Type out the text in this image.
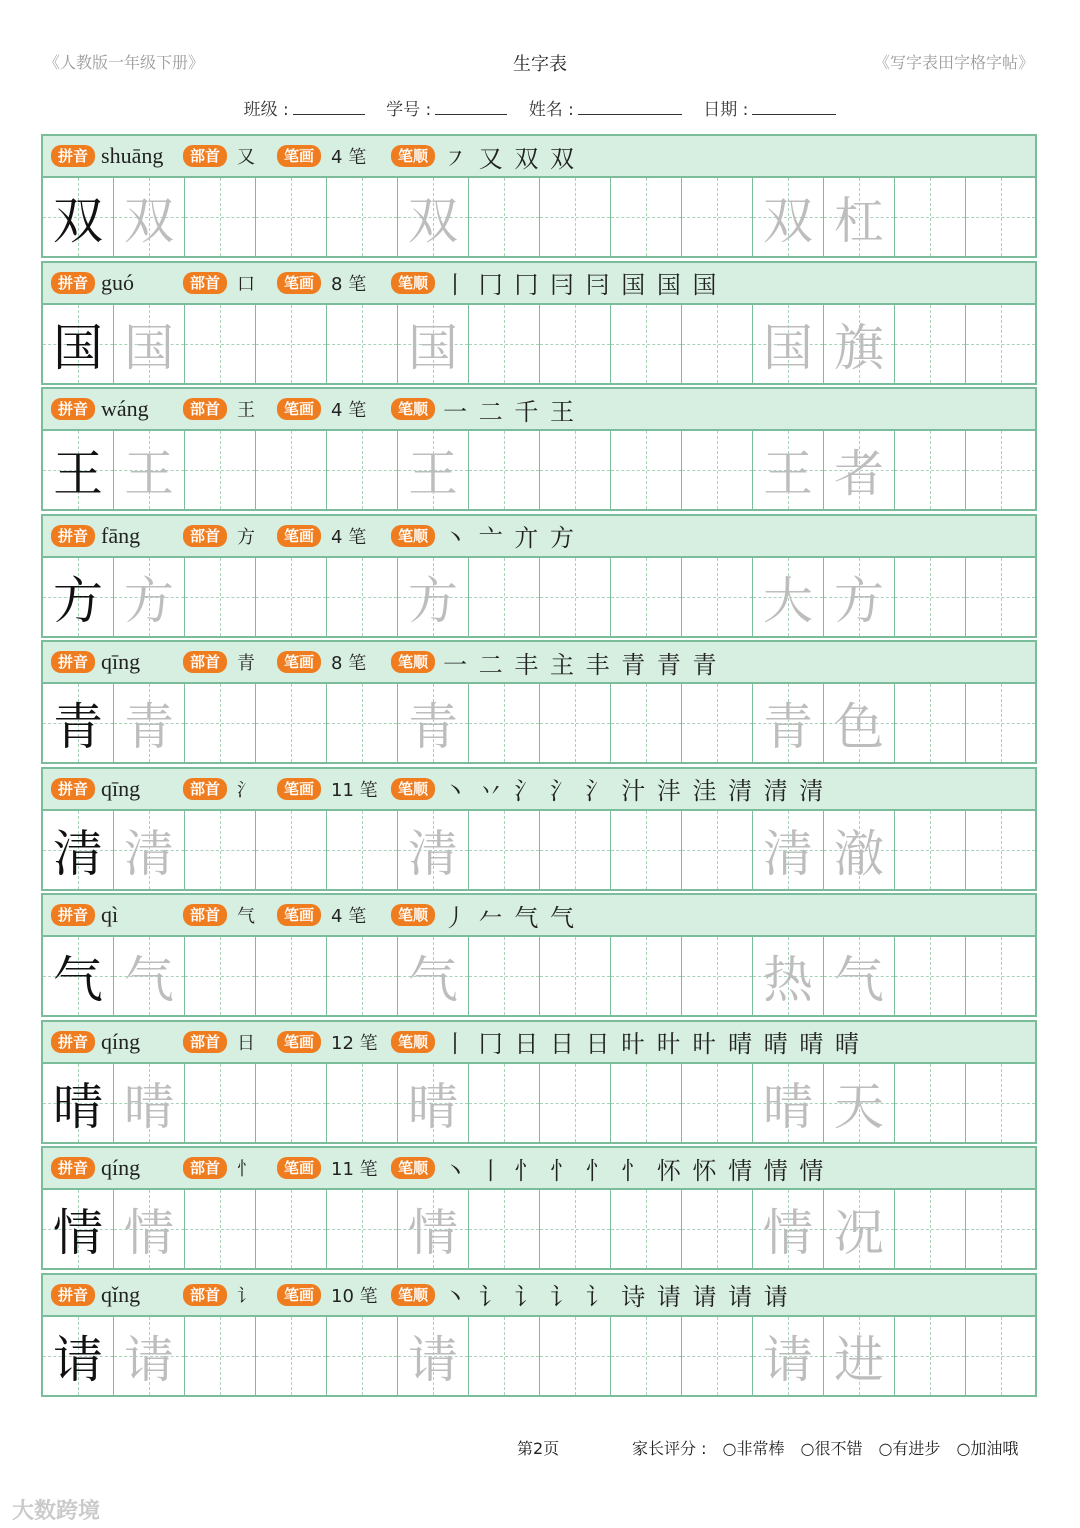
《人教版一年级下册》	生字表	《写字表田字格字帖》
班级 :	学号 :	姓名 :	日期 :
拼音 shuāng	部首 又	笔画 4 笔	笔顺 ㇇ 又 双 双
双 双	双	双 杠
拼音 guó	部首 口	笔画 8 笔	笔顺 丨 冂 冂 冃 冃 国 国 国
国 国	国	国 旗
拼音 wáng	部首 王	笔画 4 笔	笔顺 一 二 千 王
王 王	王	王 者
拼音 fāng	部首 方	笔画 4 笔	笔顺 丶 亠 亣 方
方 方	方	大 方
拼音 qīng	部首 青	笔画 8 笔	笔顺 一 二 丰 主 丰 青 青 青
青 青	青	青 色
拼音 qīng	部首 氵	笔画 11 笔	笔顺 丶 丷 氵 氵 氵 汁 沣 洼 清 清 清
清 清	清	清 澈
拼音 qì	部首 气	笔画 4 笔	笔顺 丿 𠂉 气 气
气 气	气	热 气
拼音 qíng	部首 日	笔画 12 笔	笔顺 丨 冂 日 日 日 旪 旪 旪 晴 晴 晴 晴
晴 晴	晴	晴 天
拼音 qíng	部首 忄	笔画 11 笔	笔顺 丶 丨 忄 忄 忄 忄 怀 怀 情 情 情
情 情	情	情 况
拼音 qǐng	部首 讠	笔画 10 笔	笔顺 丶 讠 讠 讠 讠 诗 请 请 请 请
请 请	请	请 进
第2页	家长评分 :	○ 非常棒	○ 很不错	○ 有进步	○ 加油哦
大数跨境
